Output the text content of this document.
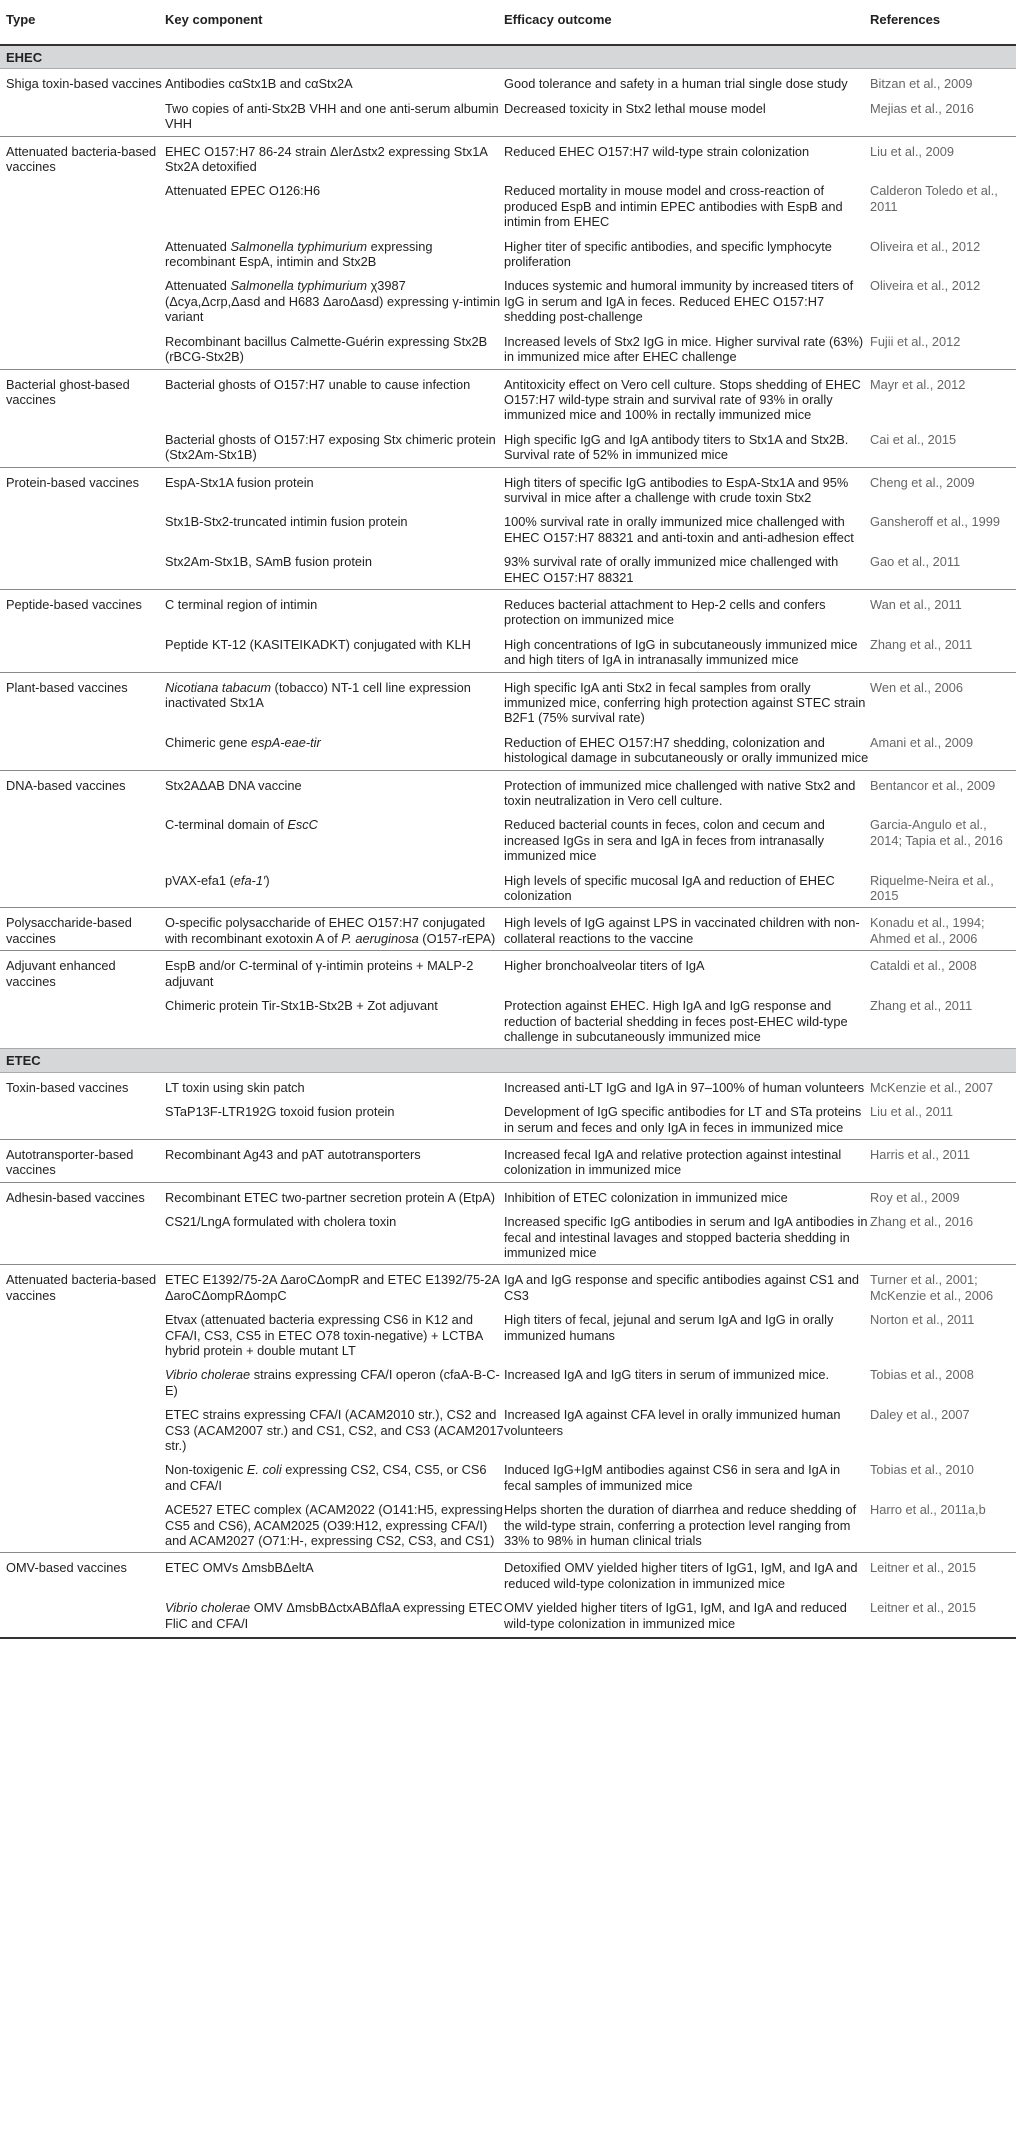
Type	Key component	Efficacy outcome	References
EHEC			
Shiga toxin-based vaccines	Antibodies cαStx1B and cαStx2A	Good tolerance and safety in a human trial single dose study	Bitzan et al., 2009
	Two copies of anti-Stx2B VHH and one anti-serum albumin VHH	Decreased toxicity in Stx2 lethal mouse model	Mejias et al., 2016
Attenuated bacteria-based vaccines	EHEC O157:H7 86-24 strain ΔlerΔstx2 expressing Stx1A Stx2A detoxified	Reduced EHEC O157:H7 wild-type strain colonization	Liu et al., 2009
	Attenuated EPEC O126:H6	Reduced mortality in mouse model and cross-reaction of produced EspB and intimin EPEC antibodies with EspB and intimin from EHEC	Calderon Toledo et al., 2011
	Attenuated Salmonella typhimurium expressing recombinant EspA, intimin and Stx2B	Higher titer of specific antibodies, and specific lymphocyte proliferation	Oliveira et al., 2012
	Attenuated Salmonella typhimurium χ3987 (Δcya,Δcrp,Δasd and H683 ΔaroΔasd) expressing γ-intimin variant	Induces systemic and humoral immunity by increased titers of IgG in serum and IgA in feces. Reduced EHEC O157:H7 shedding post-challenge	Oliveira et al., 2012
	Recombinant bacillus Calmette-Guérin expressing Stx2B (rBCG-Stx2B)	Increased levels of Stx2 IgG in mice. Higher survival rate (63%) in immunized mice after EHEC challenge	Fujii et al., 2012
Bacterial ghost-based vaccines	Bacterial ghosts of O157:H7 unable to cause infection	Antitoxicity effect on Vero cell culture. Stops shedding of EHEC O157:H7 wild-type strain and survival rate of 93% in orally immunized mice and 100% in rectally immunized mice	Mayr et al., 2012
	Bacterial ghosts of O157:H7 exposing Stx chimeric protein (Stx2Am-Stx1B)	High specific IgG and IgA antibody titers to Stx1A and Stx2B. Survival rate of 52% in immunized mice	Cai et al., 2015
Protein-based vaccines	EspA-Stx1A fusion protein	High titers of specific IgG antibodies to EspA-Stx1A and 95% survival in mice after a challenge with crude toxin Stx2	Cheng et al., 2009
	Stx1B-Stx2-truncated intimin fusion protein	100% survival rate in orally immunized mice challenged with EHEC O157:H7 88321 and anti-toxin and anti-adhesion effect	Gansheroff et al., 1999
	Stx2Am-Stx1B, SAmB fusion protein	93% survival rate of orally immunized mice challenged with EHEC O157:H7 88321	Gao et al., 2011
Peptide-based vaccines	C terminal region of intimin	Reduces bacterial attachment to Hep-2 cells and confers protection on immunized mice	Wan et al., 2011
	Peptide KT-12 (KASITEIKADKT) conjugated with KLH	High concentrations of IgG in subcutaneously immunized mice and high titers of IgA in intranasally immunized mice	Zhang et al., 2011
Plant-based vaccines	Nicotiana tabacum (tobacco) NT-1 cell line expression inactivated Stx1A	High specific IgA anti Stx2 in fecal samples from orally immunized mice, conferring high protection against STEC strain B2F1 (75% survival rate)	Wen et al., 2006
	Chimeric gene espA-eae-tir	Reduction of EHEC O157:H7 shedding, colonization and histological damage in subcutaneously or orally immunized mice	Amani et al., 2009
DNA-based vaccines	Stx2AΔAB DNA vaccine	Protection of immunized mice challenged with native Stx2 and toxin neutralization in Vero cell culture.	Bentancor et al., 2009
	C-terminal domain of EscC	Reduced bacterial counts in feces, colon and cecum and increased IgGs in sera and IgA in feces from intranasally immunized mice	Garcia-Angulo et al., 2014; Tapia et al., 2016
	pVAX-efa1 (efa-1′)	High levels of specific mucosal IgA and reduction of EHEC colonization	Riquelme-Neira et al., 2015
Polysaccharide-based vaccines	O-specific polysaccharide of EHEC O157:H7 conjugated with recombinant exotoxin A of P. aeruginosa (O157-rEPA)	High levels of IgG against LPS in vaccinated children with non-collateral reactions to the vaccine	Konadu et al., 1994; Ahmed et al., 2006
Adjuvant enhanced vaccines	EspB and/or C-terminal of γ-intimin proteins + MALP-2 adjuvant	Higher bronchoalveolar titers of IgA	Cataldi et al., 2008
	Chimeric protein Tir-Stx1B-Stx2B + Zot adjuvant	Protection against EHEC. High IgA and IgG response and reduction of bacterial shedding in feces post-EHEC wild-type challenge in subcutaneously immunized mice	Zhang et al., 2011
ETEC			
Toxin-based vaccines	LT toxin using skin patch	Increased anti-LT IgG and IgA in 97–100% of human volunteers	McKenzie et al., 2007
	STaP13F-LTR192G toxoid fusion protein	Development of IgG specific antibodies for LT and STa proteins in serum and feces and only IgA in feces in immunized mice	Liu et al., 2011
Autotransporter-based vaccines	Recombinant Ag43 and pAT autotransporters	Increased fecal IgA and relative protection against intestinal colonization in immunized mice	Harris et al., 2011
Adhesin-based vaccines	Recombinant ETEC two-partner secretion protein A (EtpA)	Inhibition of ETEC colonization in immunized mice	Roy et al., 2009
	CS21/LngA formulated with cholera toxin	Increased specific IgG antibodies in serum and IgA antibodies in fecal and intestinal lavages and stopped bacteria shedding in immunized mice	Zhang et al., 2016
Attenuated bacteria-based vaccines	ETEC E1392/75-2A ΔaroCΔompR and ETEC E1392/75-2A ΔaroCΔompRΔompC	IgA and IgG response and specific antibodies against CS1 and CS3	Turner et al., 2001; McKenzie et al., 2006
	Etvax (attenuated bacteria expressing CS6 in K12 and CFA/I, CS3, CS5 in ETEC O78 toxin-negative) + LCTBA hybrid protein + double mutant LT	High titers of fecal, jejunal and serum IgA and IgG in orally immunized humans	Norton et al., 2011
	Vibrio cholerae strains expressing CFA/I operon (cfaA-B-C-E)	Increased IgA and IgG titers in serum of immunized mice.	Tobias et al., 2008
	ETEC strains expressing CFA/I (ACAM2010 str.), CS2 and CS3 (ACAM2007 str.) and CS1, CS2, and CS3 (ACAM2017 str.)	Increased IgA against CFA level in orally immunized human volunteers	Daley et al., 2007
	Non-toxigenic E. coli expressing CS2, CS4, CS5, or CS6 and CFA/I	Induced IgG+IgM antibodies against CS6 in sera and IgA in fecal samples of immunized mice	Tobias et al., 2010
	ACE527 ETEC complex (ACAM2022 (O141:H5, expressing CS5 and CS6), ACAM2025 (O39:H12, expressing CFA/I) and ACAM2027 (O71:H-, expressing CS2, CS3, and CS1)	Helps shorten the duration of diarrhea and reduce shedding of the wild-type strain, conferring a protection level ranging from 33% to 98% in human clinical trials	Harro et al., 2011a,b
OMV-based vaccines	ETEC OMVs ΔmsbBΔeltA	Detoxified OMV yielded higher titers of IgG1, IgM, and IgA and reduced wild-type colonization in immunized mice	Leitner et al., 2015
	Vibrio cholerae OMV ΔmsbBΔctxABΔflaA expressing ETEC FliC and CFA/I	OMV yielded higher titers of IgG1, IgM, and IgA and reduced wild-type colonization in immunized mice	Leitner et al., 2015
